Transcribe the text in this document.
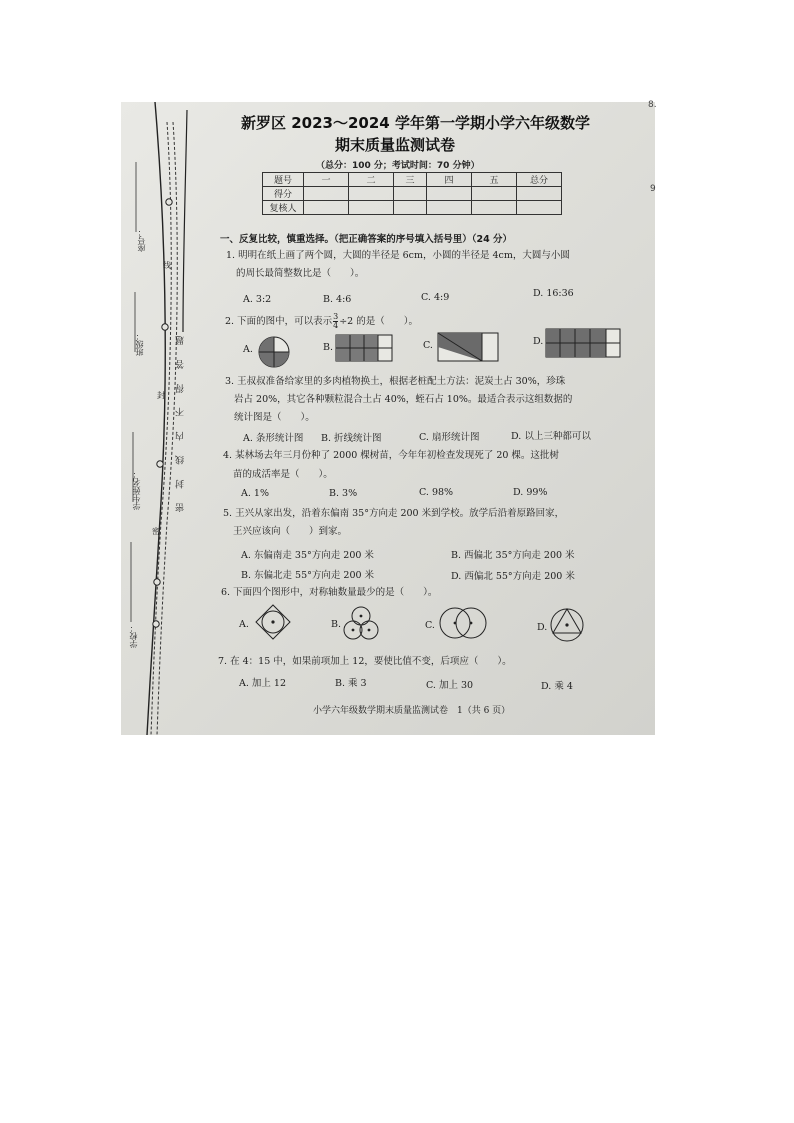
座号：
班级：
学生姓名：
学校：
线
封
密
密 封 线 内 不 得 答 题
新罗区 2023～2024 学年第一学期小学六年级数学
期末质量监测试卷
（总分：100 分；考试时间：70 分钟）
题号	一	二	三	四	五	总分
得分						
复核人						
一、反复比较，慎重选择。（把正确答案的序号填入括号里）（24 分）
1. 明明在纸上画了两个圆，大圆的半径是 6cm，小圆的半径是 4cm，大圆与小圆
的周长最简整数比是（　　）。
A. 3:2	B. 4:6	C. 4:9	D. 16:36
2. 下面的图中，可以表示 $\frac{3}{4} \div 2$ 的是（　　）。
A.	B.	C.	D.
3. 王叔叔准备给家里的多肉植物换土，根据老桩配土方法：泥炭土占 30%，珍珠
岩占 20%，其它各种颗粒混合土占 40%，蛭石占 10%。最适合表示这组数据的
统计图是（　　）。
A. 条形统计图 B. 折线统计图	C. 扇形统计图	D. 以上三种都可以
4. 某林场去年三月份种了 2000 棵树苗，今年年初检查发现死了 20 棵。这批树
苗的成活率是（　　）。
A. 1%	B. 3%	C. 98%	D. 99%
5. 王兴从家出发，沿着东偏南 35°方向走 200 米到学校。放学后沿着原路回家，
王兴应该向（　　）到家。
A. 东偏南走 35°方向走 200 米	B. 西偏北 35°方向走 200 米
B. 东偏北走 55°方向走 200 米	D. 西偏北 55°方向走 200 米
6. 下面四个图形中，对称轴数量最少的是（　　）。
A.	B.	C.	D.
7. 在 4：15 中，如果前项加上 12，要使比值不变，后项应（　　）。
A. 加上 12	B. 乘 3	C. 加上 30	D. 乘 4
小学六年级数学期末质量监测试卷　1（共 6 页）
8.
9
